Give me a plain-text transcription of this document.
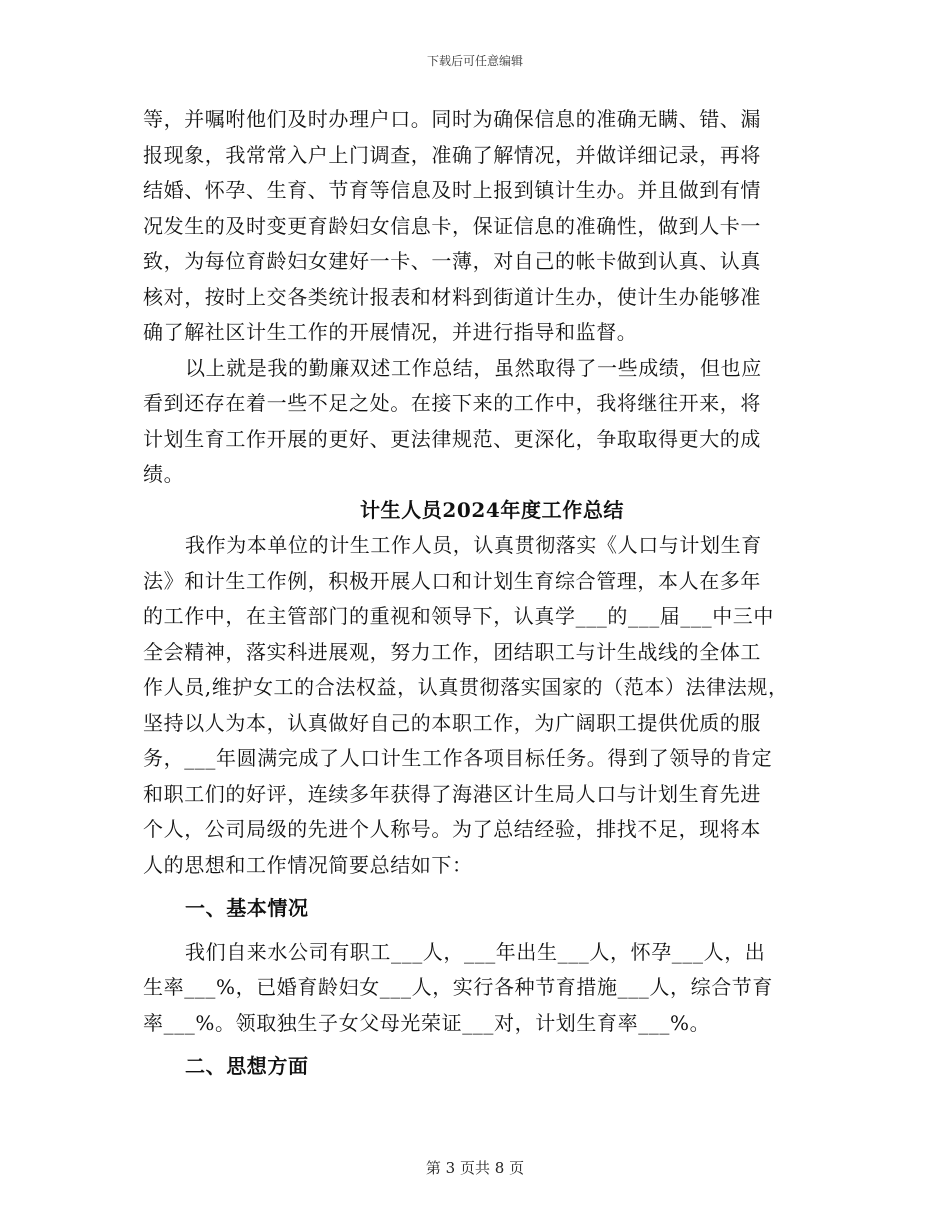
下载后可任意编辑
等，并嘱咐他们及时办理户口。同时为确保信息的准确无瞒、错、漏
报现象，我常常入户上门调查，准确了解情况，并做详细记录，再将
结婚、怀孕、生育、节育等信息及时上报到镇计生办。并且做到有情
况发生的及时变更育龄妇女信息卡，保证信息的准确性，做到人卡一
致，为每位育龄妇女建好一卡、一薄，对自己的帐卡做到认真、认真
核对，按时上交各类统计报表和材料到街道计生办，使计生办能够准
确了解社区计生工作的开展情况，并进行指导和监督。
以上就是我的勤廉双述工作总结，虽然取得了一些成绩，但也应
看到还存在着一些不足之处。在接下来的工作中，我将继往开来，将
计划生育工作开展的更好、更法律规范、更深化，争取取得更大的成
绩。
计生人员2024年度工作总结
我作为本单位的计生工作人员，认真贯彻落实《人口与计划生育
法》和计生工作例，积极开展人口和计划生育综合管理，本人在多年
的工作中，在主管部门的重视和领导下，认真学___的___届___中三中
全会精神，落实科进展观，努力工作，团结职工与计生战线的全体工
作人员,维护女工的合法权益，认真贯彻落实国家的（范本）法律法规，
坚持以人为本，认真做好自己的本职工作，为广阔职工提供优质的服
务，___年圆满完成了人口计生工作各项目标任务。得到了领导的肯定
和职工们的好评，连续多年获得了海港区计生局人口与计划生育先进
个人，公司局级的先进个人称号。为了总结经验，排找不足，现将本
人的思想和工作情况简要总结如下：
一、基本情况
我们自来水公司有职工___人，___年出生___人，怀孕___人，出
生率___%，已婚育龄妇女___人，实行各种节育措施___人，综合节育
率___%。领取独生子女父母光荣证___对，计划生育率___%。
二、思想方面
第 3 页共 8 页
